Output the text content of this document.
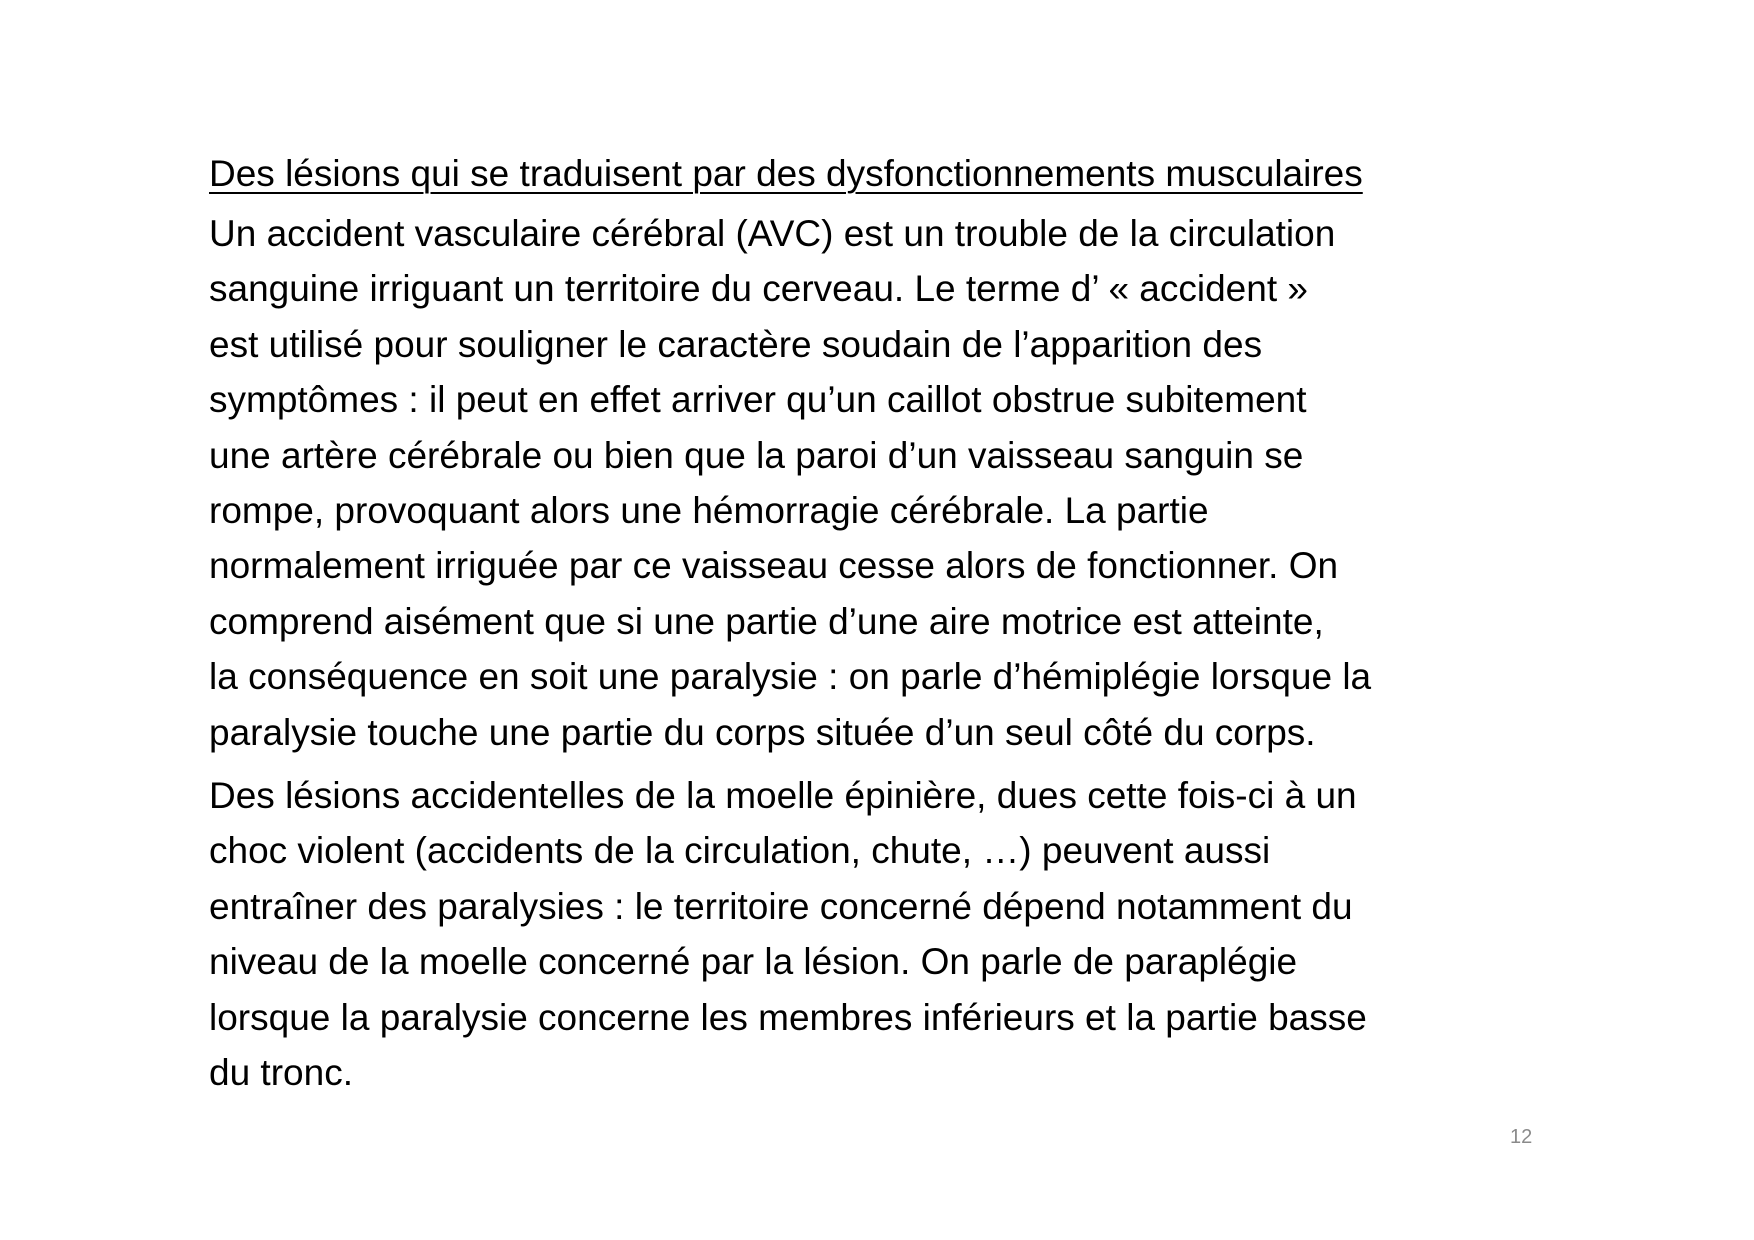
Des lésions qui se traduisent par des dysfonctionnements musculaires

Un accident vasculaire cérébral (AVC) est un trouble de la circulation
sanguine irriguant un territoire du cerveau. Le terme d’ « accident »
est utilisé pour souligner le caractère soudain de l’apparition des
symptômes : il peut en effet arriver qu’un caillot obstrue subitement
une artère cérébrale ou bien que la paroi d’un vaisseau sanguin se
rompe, provoquant alors une hémorragie cérébrale. La partie
normalement irriguée par ce vaisseau cesse alors de fonctionner. On
comprend aisément que si une partie d’une aire motrice est atteinte,
la conséquence en soit une paralysie : on parle d’hémiplégie lorsque la
paralysie touche une partie du corps située d’un seul côté du corps.

Des lésions accidentelles de la moelle épinière, dues cette fois-ci à un
choc violent (accidents de la circulation, chute, …) peuvent aussi
entraîner des paralysies : le territoire concerné dépend notamment du
niveau de la moelle concerné par la lésion. On parle de paraplégie
lorsque la paralysie concerne les membres inférieurs et la partie basse
du tronc.

12
